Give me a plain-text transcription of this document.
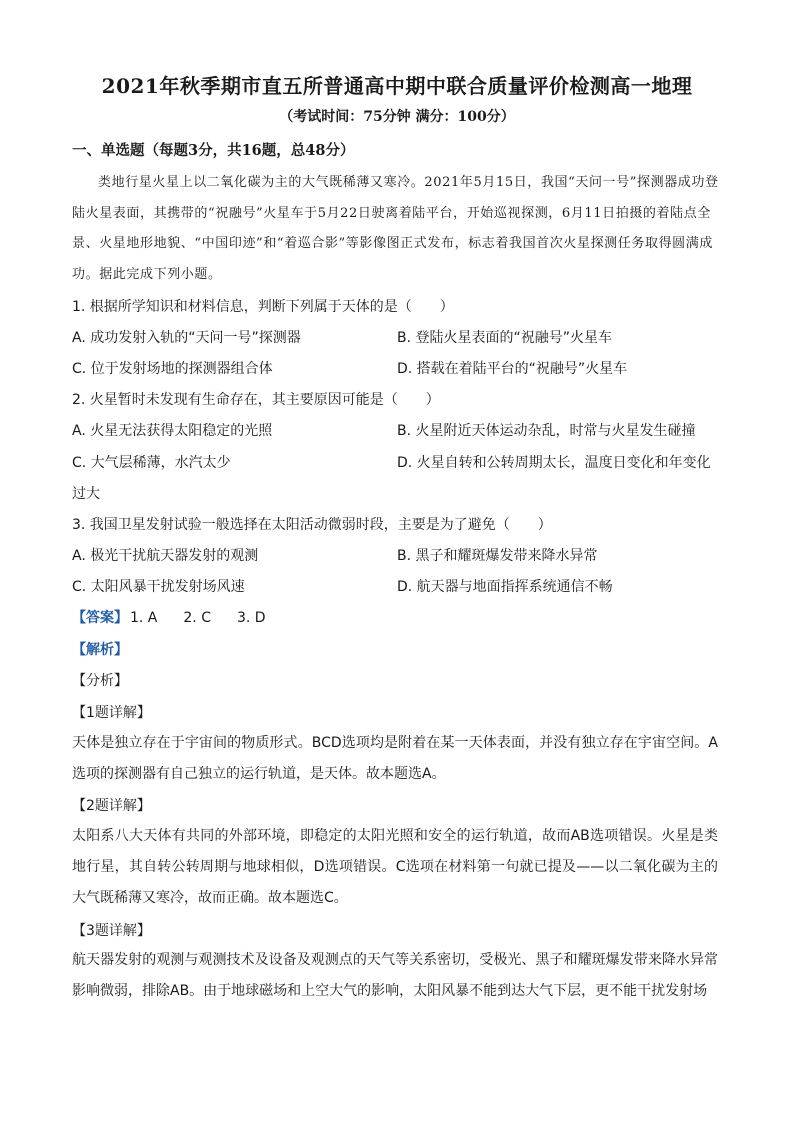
2021年秋季期市直五所普通高中期中联合质量评价检测高一地理
（考试时间：75分钟 满分：100分）
一、单选题（每题3分，共16题，总48分）
类地行星火星上以二氧化碳为主的大气既稀薄又寒冷。2021年5月15日，我国“天问一号”探测器成功登陆火星表面，其携带的“祝融号”火星车于5月22日驶离着陆平台，开始巡视探测，6月11日拍摄的着陆点全景、火星地形地貌、“中国印迹”和“着巡合影”等影像图正式发布，标志着我国首次火星探测任务取得圆满成功。据此完成下列小题。
1. 根据所学知识和材料信息，判断下列属于天体的是（　　）
A. 成功发射入轨的“天问一号”探测器	B. 登陆火星表面的“祝融号”火星车
C. 位于发射场地的探测器组合体	D. 搭载在着陆平台的“祝融号”火星车
2. 火星暂时未发现有生命存在，其主要原因可能是（　　）
A. 火星无法获得太阳稳定的光照	B. 火星附近天体运动杂乱，时常与火星发生碰撞
C. 大气层稀薄，水汽太少	D. 火星自转和公转周期太长，温度日变化和年变化
过大
3. 我国卫星发射试验一般选择在太阳活动微弱时段，主要是为了避免（　　）
A. 极光干扰航天器发射的观测	B. 黑子和耀斑爆发带来降水异常
C. 太阳风暴干扰发射场风速	D. 航天器与地面指挥系统通信不畅
【答案】 1. A 2. C 3. D
【解析】
【分析】
【1题详解】
天体是独立存在于宇宙间的物质形式。BCD选项均是附着在某一天体表面，并没有独立存在宇宙空间。A选项的探测器有自己独立的运行轨道，是天体。故本题选A。
【2题详解】
太阳系八大天体有共同的外部环境，即稳定的太阳光照和安全的运行轨道，故而AB选项错误。火星是类地行星，其自转公转周期与地球相似，D选项错误。C选项在材料第一句就已提及——以二氧化碳为主的大气既稀薄又寒冷，故而正确。故本题选C。
【3题详解】
航天器发射的观测与观测技术及设备及观测点的天气等关系密切，受极光、黑子和耀斑爆发带来降水异常影响微弱，排除AB。由于地球磁场和上空大气的影响，太阳风暴不能到达大气下层，更不能干扰发射场
